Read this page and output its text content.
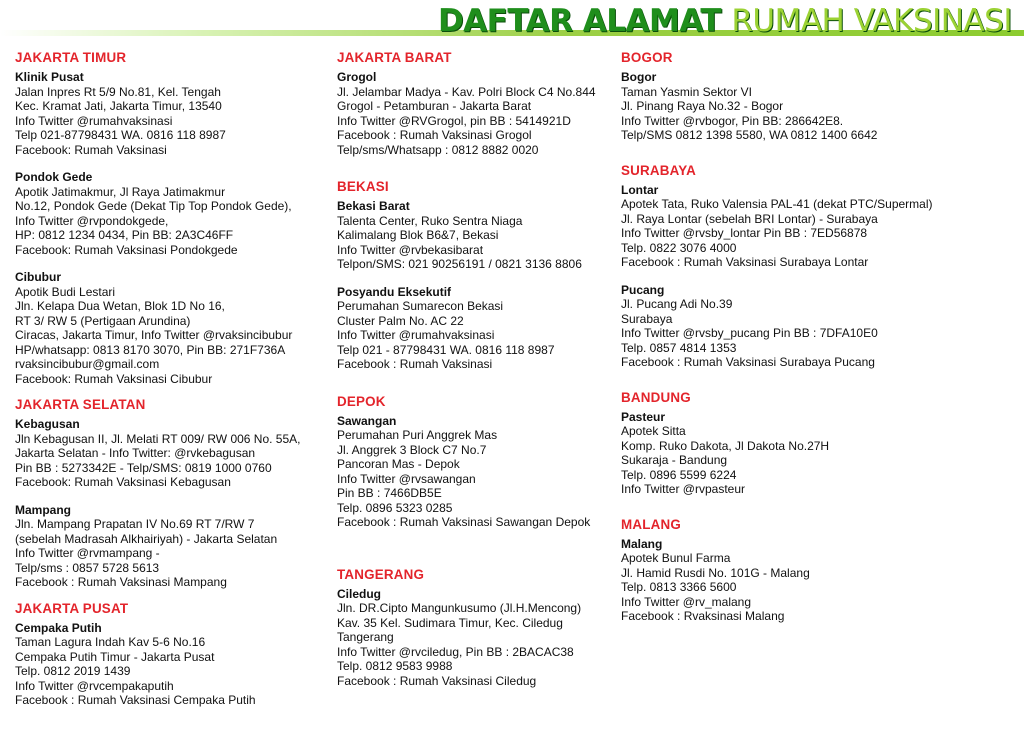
DAFTAR ALAMAT RUMAH VAKSINASI
JAKARTA TIMUR
Klinik Pusat
Jalan Inpres Rt 5/9 No.81, Kel. Tengah
Kec. Kramat Jati, Jakarta Timur, 13540
Info Twitter @rumahvaksinasi
Telp 021-87798431 WA. 0816 118 8987
Facebook: Rumah Vaksinasi
Pondok Gede
Apotik Jatimakmur, Jl Raya Jatimakmur
No.12, Pondok Gede (Dekat Tip Top Pondok Gede),
Info Twitter @rvpondokgede,
HP: 0812 1234 0434, Pin BB: 2A3C46FF
Facebook: Rumah Vaksinasi Pondokgede
Cibubur
Apotik Budi Lestari
Jln. Kelapa Dua Wetan, Blok 1D No 16,
RT 3/ RW 5 (Pertigaan Arundina)
Ciracas, Jakarta Timur, Info Twitter @rvaksincibubur
HP/whatsapp: 0813 8170 3070, Pin BB: 271F736A
rvaksincibubur@gmail.com
Facebook: Rumah Vaksinasi Cibubur
JAKARTA SELATAN
Kebagusan
Jln Kebagusan II, Jl. Melati RT 009/ RW 006 No. 55A,
Jakarta Selatan - Info Twitter: @rvkebagusan
Pin BB : 5273342E - Telp/SMS: 0819 1000 0760
Facebook: Rumah Vaksinasi Kebagusan
Mampang
Jln. Mampang Prapatan IV No.69 RT 7/RW 7
(sebelah Madrasah Alkhairiyah) - Jakarta Selatan
Info Twitter @rvmampang -
Telp/sms : 0857 5728 5613
Facebook : Rumah Vaksinasi Mampang
JAKARTA PUSAT
Cempaka Putih
Taman Lagura Indah Kav 5-6 No.16
Cempaka Putih Timur - Jakarta Pusat
Telp. 0812 2019 1439
Info Twitter @rvcempakaputih
Facebook : Rumah Vaksinasi Cempaka Putih
JAKARTA BARAT
Grogol
Jl. Jelambar Madya - Kav. Polri Block C4 No.844
Grogol - Petamburan - Jakarta Barat
Info Twitter @RVGrogol, pin BB : 5414921D
Facebook : Rumah Vaksinasi Grogol
Telp/sms/Whatsapp : 0812 8882 0020
BEKASI
Bekasi Barat
Talenta Center, Ruko Sentra Niaga
Kalimalang Blok B6&7, Bekasi
Info Twitter @rvbekasibarat
Telpon/SMS: 021 90256191 / 0821 3136 8806
Posyandu Eksekutif
Perumahan Sumarecon Bekasi
Cluster Palm No. AC 22
Info Twitter @rumahvaksinasi
Telp 021 - 87798431 WA. 0816 118 8987
Facebook : Rumah Vaksinasi
DEPOK
Sawangan
Perumahan Puri Anggrek Mas
Jl. Anggrek 3 Block C7 No.7
Pancoran Mas - Depok
Info Twitter @rvsawangan
Pin BB : 7466DB5E
Telp. 0896 5323 0285
Facebook : Rumah Vaksinasi Sawangan Depok
TANGERANG
Ciledug
Jln. DR.Cipto Mangunkusumo (Jl.H.Mencong)
Kav. 35 Kel. Sudimara Timur, Kec. Ciledug
Tangerang
Info Twitter @rvciledug, Pin BB : 2BACAC38
Telp. 0812 9583 9988
Facebook : Rumah Vaksinasi Ciledug
BOGOR
Bogor
Taman Yasmin Sektor VI
Jl. Pinang Raya No.32 - Bogor
Info Twitter @rvbogor, Pin BB: 286642E8.
Telp/SMS 0812 1398 5580, WA 0812 1400 6642
SURABAYA
Lontar
Apotek Tata, Ruko Valensia PAL-41 (dekat PTC/Supermal)
Jl. Raya Lontar (sebelah BRI Lontar) - Surabaya
Info Twitter @rvsby_lontar Pin BB : 7ED56878
Telp. 0822 3076 4000
Facebook : Rumah Vaksinasi Surabaya Lontar
Pucang
Jl. Pucang Adi No.39
Surabaya
Info Twitter @rvsby_pucang Pin BB : 7DFA10E0
Telp. 0857 4814 1353
Facebook : Rumah Vaksinasi Surabaya Pucang
BANDUNG
Pasteur
Apotek Sitta
Komp. Ruko Dakota, Jl Dakota No.27H
Sukaraja - Bandung
Telp. 0896 5599 6224
Info Twitter @rvpasteur
MALANG
Malang
Apotek Bunul Farma
Jl. Hamid Rusdi No. 101G - Malang
Telp. 0813 3366 5600
Info Twitter @rv_malang
Facebook : Rvaksinasi Malang
